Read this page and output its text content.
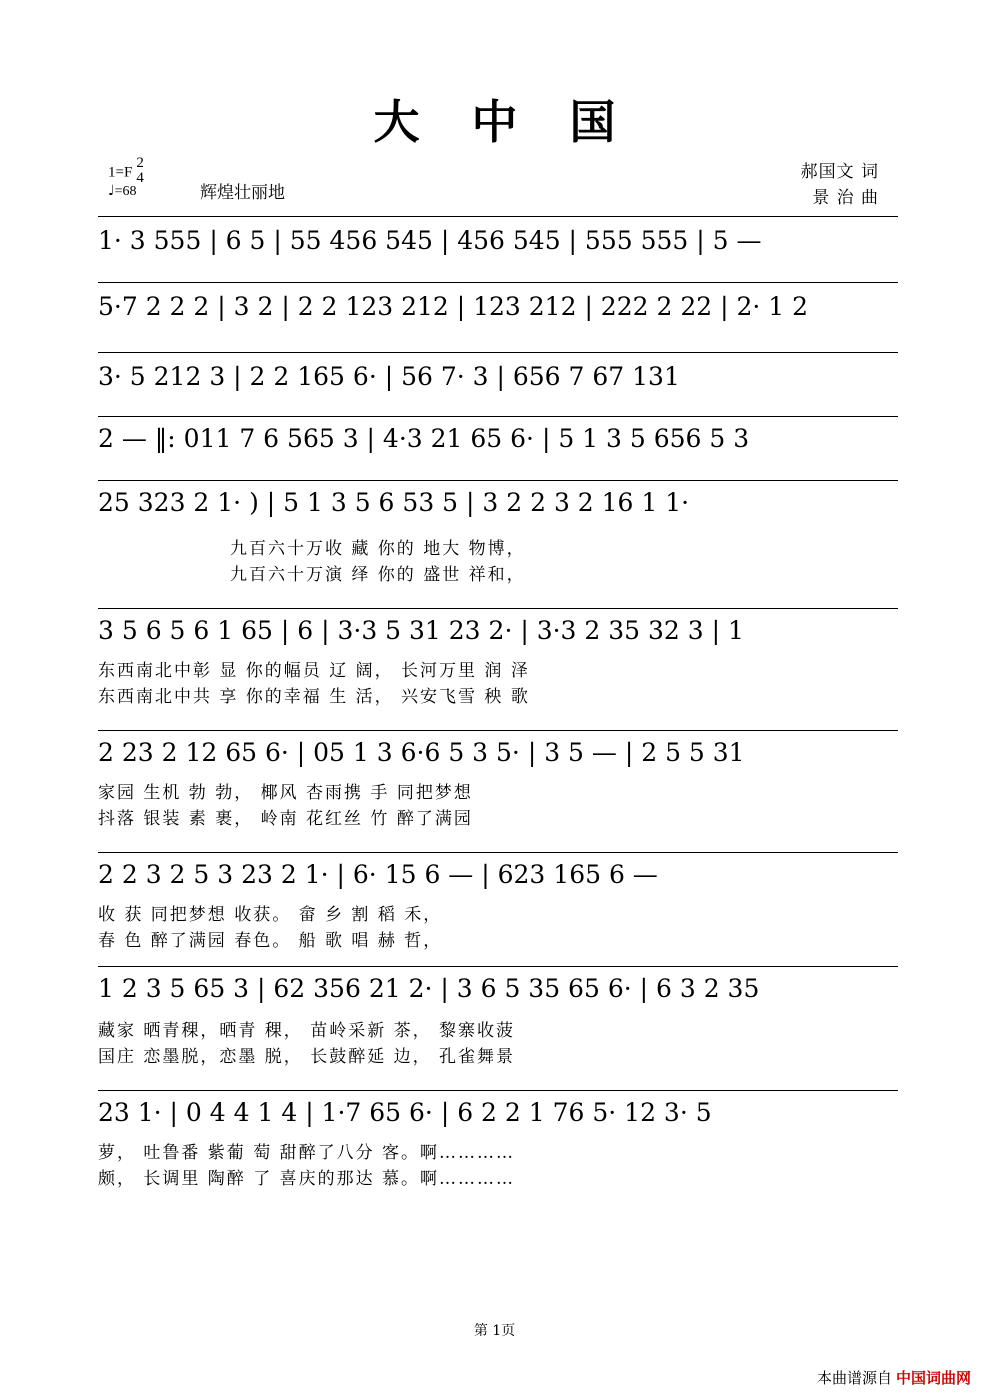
大 中 国
1=F
2
4
♩=68	辉煌壮丽地
郝国文 词
景 治 曲
1· 3 555 | 6 5 | 55 456 545 | 456 545 | 555 555 | 5 —
5·7 2 2 2 | 3 2 | 2 2 123 212 | 123 212 | 222 2 22 | 2· 1 2
3· 5 212 3 | 2 2 165 6· | 56 7· 3 | 656 7 67 131
2 — ‖: 011 7 6 565 3 | 4·3 21 65 6· | 5 1 3 5 656 5 3
25 323 2 1· ) | 5 1 3 5 6 53 5 | 3 2 2 3 2 16 1 1·
九百六十万收 藏 你的 地大 物博，
九百六十万演 绎 你的 盛世 祥和，
3 5 6 5 6 1 65 | 6 | 3·3 5 31 23 2· | 3·3 2 35 32 3 | 1
东西南北中彰 显 你的幅员 辽 阔， 长河万里 润 泽
东西南北中共 享 你的幸福 生 活， 兴安飞雪 秧 歌
2 23 2 12 65 6· | 05 1 3 6·6 5 3 5· | 3 5 — | 2 5 5 31
家园 生机 勃 勃， 椰风 杏雨携 手 同把梦想
抖落 银装 素 裹， 岭南 花红丝 竹 醉了满园
2 2 3 2 5 3 23 2 1· | 6· 15 6 — | 623 165 6 —
收 获 同把梦想 收获。 畲 乡 割 稻 禾，
春 色 醉了满园 春色。 船 歌 唱 赫 哲，
1 2 3 5 65 3 | 62 356 21 2· | 3 6 5 35 65 6· | 6 3 2 35
藏家 晒青稞，晒青 稞， 苗岭采新 茶， 黎寨收菠
国庄 恋墨脱，恋墨 脱， 长鼓醉延 边， 孔雀舞景
23 1· | 0 4 4 1 4 | 1·7 65 6· | 6 2 2 1 76 5· 12 3· 5
萝， 吐鲁番 紫葡 萄 甜醉了八分 客。啊…………
颇， 长调里 陶醉 了 喜庆的那达 慕。啊…………
第 1页
本曲谱源自 中国词曲网
